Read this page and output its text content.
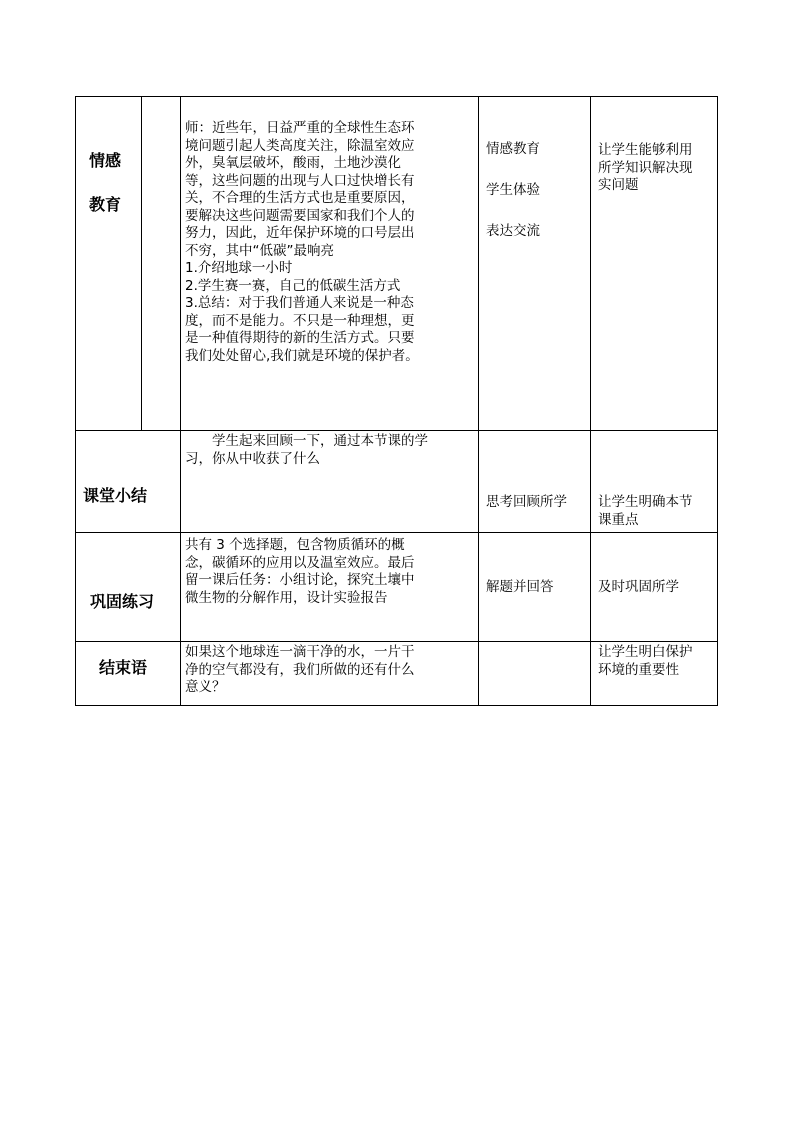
情感
教育
师：近些年，日益严重的全球性生态环
境问题引起人类高度关注，除温室效应
外，臭氧层破坏，酸雨，土地沙漠化
等，这些问题的出现与人口过快增长有
关，不合理的生活方式也是重要原因，
要解决这些问题需要国家和我们个人的
努力，因此，近年保护环境的口号层出
不穷，其中“低碳”最响亮
1.介绍地球一小时
2.学生赛一赛，自己的低碳生活方式
3.总结：对于我们普通人来说是一种态
度，而不是能力。不只是一种理想，更
是一种值得期待的新的生活方式。只要
我们处处留心,我们就是环境的保护者。
情感教育
学生体验
表达交流
让学生能够利用
所学知识解决现
实问题
课堂小结
　　学生起来回顾一下，通过本节课的学
习，你从中收获了什么
思考回顾所学 让学生明确本节
课重点
巩固练习
共有 3 个选择题，包含物质循环的概
念，碳循环的应用以及温室效应。最后
留一课后任务：小组讨论，探究土壤中
微生物的分解作用，设计实验报告
解题并回答	及时巩固所学
结束语
如果这个地球连一滴干净的水，一片干
净的空气都没有，我们所做的还有什么
意义？
让学生明白保护
环境的重要性
